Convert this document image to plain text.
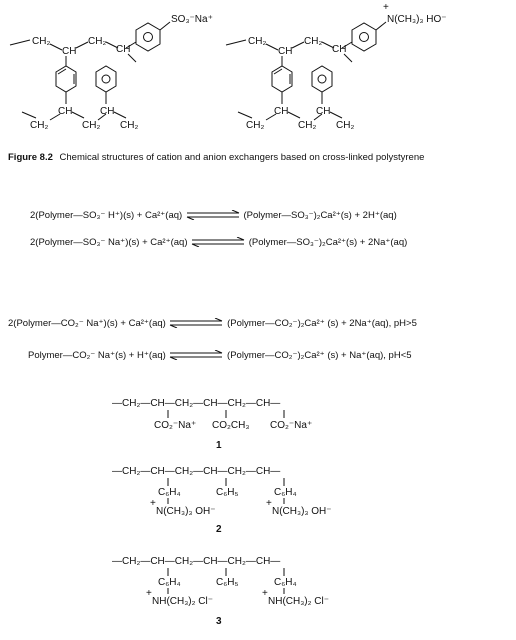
CH₂
CH
CH₂
CH
SO₃⁻Na⁺
CH₂
CH
CH₂
CH
CH₂
CH₂
CH
CH₂
CH
+
N(CH₃)₃ HO⁻
CH₂
CH
CH₂
CH
CH₂
Figure 8.2 Chemical structures of cation and anion exchangers based on cross-linked polystyrene
2(Polymer—SO₃⁻ H⁺)(s) + Ca²⁺(aq)	(Polymer—SO₃⁻)₂Ca²⁺(s) + 2H⁺(aq)
2(Polymer—SO₃⁻ Na⁺)(s) + Ca²⁺(aq)	(Polymer—SO₃⁻)₂Ca²⁺(s) + 2Na⁺(aq)
2(Polymer—CO₂⁻ Na⁺)(s) + Ca²⁺(aq)	(Polymer—CO₂⁻)₂Ca²⁺ (s) + 2Na⁺(aq), pH>5
Polymer—CO₂⁻ Na⁺(s) + H⁺(aq)	(Polymer—CO₂⁻)₂Ca²⁺ (s) + Na⁺(aq), pH<5
—CH₂—CH—CH₂—CH—CH₂—CH—
CO₂⁻Na⁺ CO₂CH₃ CO₂⁻Na⁺
1
—CH₂—CH—CH₂—CH—CH₂—CH—
C₆H₄	C₆H₅	C₆H₄
+
N(CH₃)₃ OH⁻
+
N(CH₃)₃ OH⁻
2
—CH₂—CH—CH₂—CH—CH₂—CH—
C₆H₄	C₆H₅	C₆H₄
+
NH(CH₃)₂ Cl⁻
+
NH(CH₃)₂ Cl⁻
3
